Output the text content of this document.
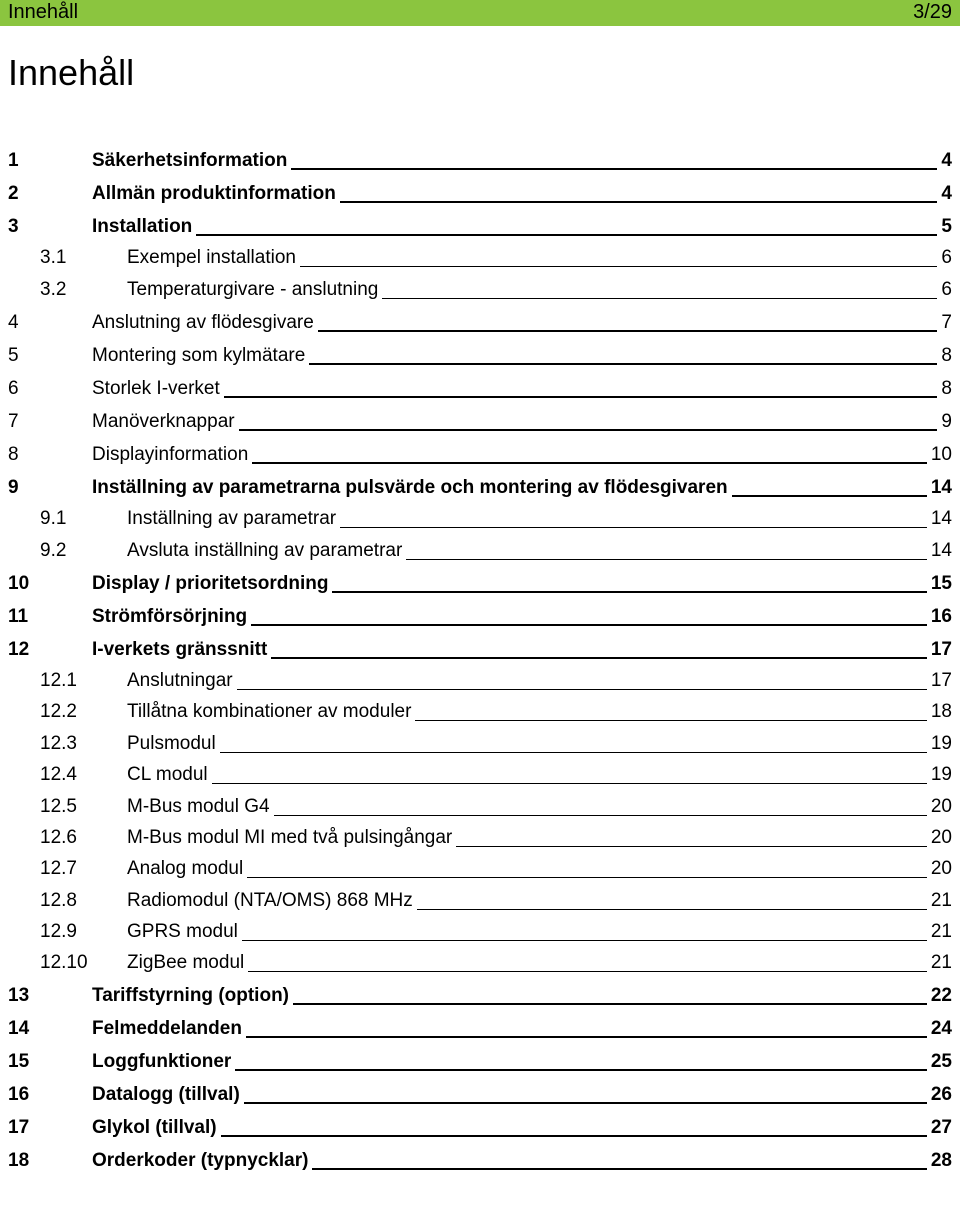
Innehåll	3/29
Innehåll
1	Säkerhetsinformation	4
2	Allmän produktinformation	4
3	Installation	5
3.1	Exempel installation	6
3.2	Temperaturgivare - anslutning	6
4	Anslutning av flödesgivare	7
5	Montering som kylmätare	8
6	Storlek I-verket	8
7	Manöverknappar	9
8	Displayinformation	10
9	Inställning av parametrarna pulsvärde och montering av flödesgivaren	14
9.1	Inställning av parametrar	14
9.2	Avsluta inställning av parametrar	14
10	Display / prioritetsordning	15
11	Strömförsörjning	16
12	I-verkets gränssnitt	17
12.1	Anslutningar	17
12.2	Tillåtna kombinationer av moduler	18
12.3	Pulsmodul	19
12.4	CL modul	19
12.5	M-Bus modul G4	20
12.6	M-Bus modul MI med två pulsingångar	20
12.7	Analog modul	20
12.8	Radiomodul (NTA/OMS) 868 MHz	21
12.9	GPRS modul	21
12.10 ZigBee modul	21
13	Tariffstyrning (option)	22
14	Felmeddelanden	24
15	Loggfunktioner	25
16	Datalogg (tillval)	26
17	Glykol (tillval)	27
18	Orderkoder (typnycklar)	28
